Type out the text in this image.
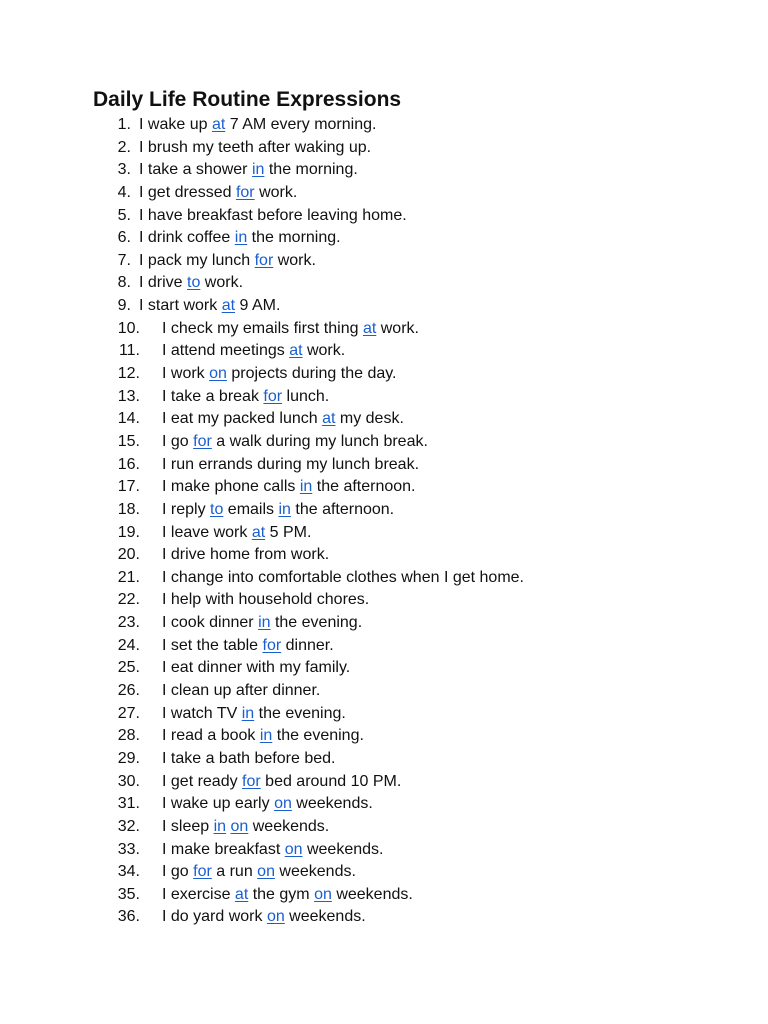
Daily Life Routine Expressions
1. I wake up at 7 AM every morning.
2. I brush my teeth after waking up.
3. I take a shower in the morning.
4. I get dressed for work.
5. I have breakfast before leaving home.
6. I drink coffee in the morning.
7. I pack my lunch for work.
8. I drive to work.
9. I start work at 9 AM.
10. I check my emails first thing at work.
11. I attend meetings at work.
12. I work on projects during the day.
13. I take a break for lunch.
14. I eat my packed lunch at my desk.
15. I go for a walk during my lunch break.
16. I run errands during my lunch break.
17. I make phone calls in the afternoon.
18. I reply to emails in the afternoon.
19. I leave work at 5 PM.
20. I drive home from work.
21. I change into comfortable clothes when I get home.
22. I help with household chores.
23. I cook dinner in the evening.
24. I set the table for dinner.
25. I eat dinner with my family.
26. I clean up after dinner.
27. I watch TV in the evening.
28. I read a book in the evening.
29. I take a bath before bed.
30. I get ready for bed around 10 PM.
31. I wake up early on weekends.
32. I sleep in on weekends.
33. I make breakfast on weekends.
34. I go for a run on weekends.
35. I exercise at the gym on weekends.
36. I do yard work on weekends.
